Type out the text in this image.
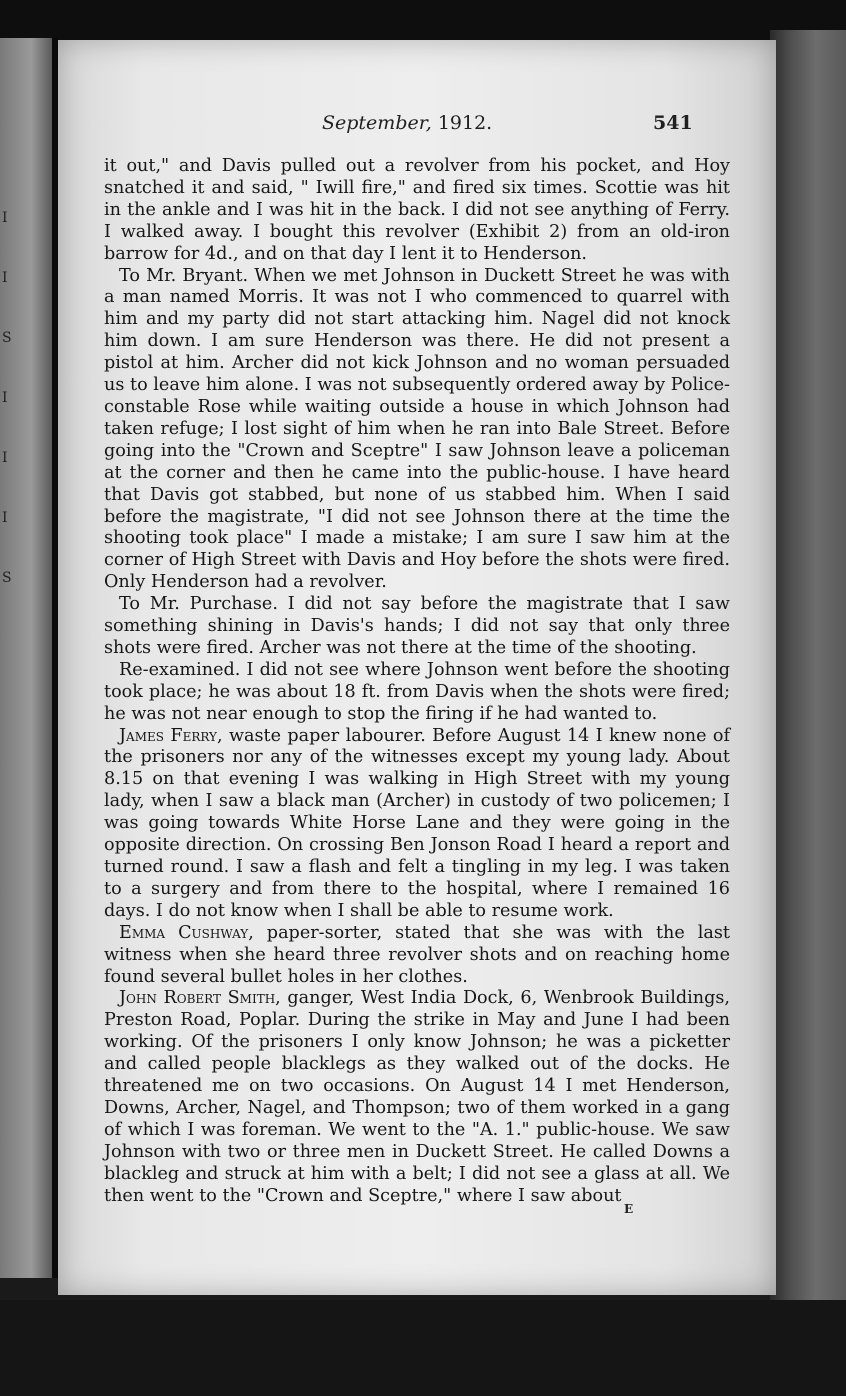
I
I
S
I
I
I
S
September, 1912.	541

it out," and Davis pulled out a revolver from his pocket, and Hoy snatched it and said, " Iwill fire," and fired six times. Scottie was hit in the ankle and I was hit in the back. I did not see anything of Ferry. I walked away. I bought this revolver (Exhibit 2) from an old-iron barrow for 4d., and on that day I lent it to Henderson.

To Mr. Bryant. When we met Johnson in Duckett Street he was with a man named Morris. It was not I who commenced to quarrel with him and my party did not start attacking him. Nagel did not knock him down. I am sure Henderson was there. He did not present a pistol at him. Archer did not kick Johnson and no woman persuaded us to leave him alone. I was not subsequently ordered away by Police-constable Rose while waiting outside a house in which Johnson had taken refuge; I lost sight of him when he ran into Bale Street. Before going into the "Crown and Sceptre" I saw Johnson leave a policeman at the corner and then he came into the public-house. I have heard that Davis got stabbed, but none of us stabbed him. When I said before the magistrate, "I did not see Johnson there at the time the shooting took place" I made a mistake; I am sure I saw him at the corner of High Street with Davis and Hoy before the shots were fired. Only Henderson had a revolver.

To Mr. Purchase. I did not say before the magistrate that I saw something shining in Davis's hands; I did not say that only three shots were fired. Archer was not there at the time of the shooting.

Re-examined. I did not see where Johnson went before the shooting took place; he was about 18 ft. from Davis when the shots were fired; he was not near enough to stop the firing if he had wanted to.

James Ferry, waste paper labourer. Before August 14 I knew none of the prisoners nor any of the witnesses except my young lady. About 8.15 on that evening I was walking in High Street with my young lady, when I saw a black man (Archer) in custody of two policemen; I was going towards White Horse Lane and they were going in the opposite direction. On crossing Ben Jonson Road I heard a report and turned round. I saw a flash and felt a tingling in my leg. I was taken to a surgery and from there to the hospital, where I remained 16 days. I do not know when I shall be able to resume work.

Emma Cushway, paper-sorter, stated that she was with the last witness when she heard three revolver shots and on reaching home found several bullet holes in her clothes.

John Robert Smith, ganger, West India Dock, 6, Wenbrook Buildings, Preston Road, Poplar. During the strike in May and June I had been working. Of the prisoners I only know Johnson; he was a picketter and called people blacklegs as they walked out of the docks. He threatened me on two occasions. On August 14 I met Henderson, Downs, Archer, Nagel, and Thompson; two of them worked in a gang of which I was foreman. We went to the "A. 1." public-house. We saw Johnson with two or three men in Duckett Street. He called Downs a blackleg and struck at him with a belt; I did not see a glass at all. We then went to the "Crown and Sceptre," where I saw about

E
